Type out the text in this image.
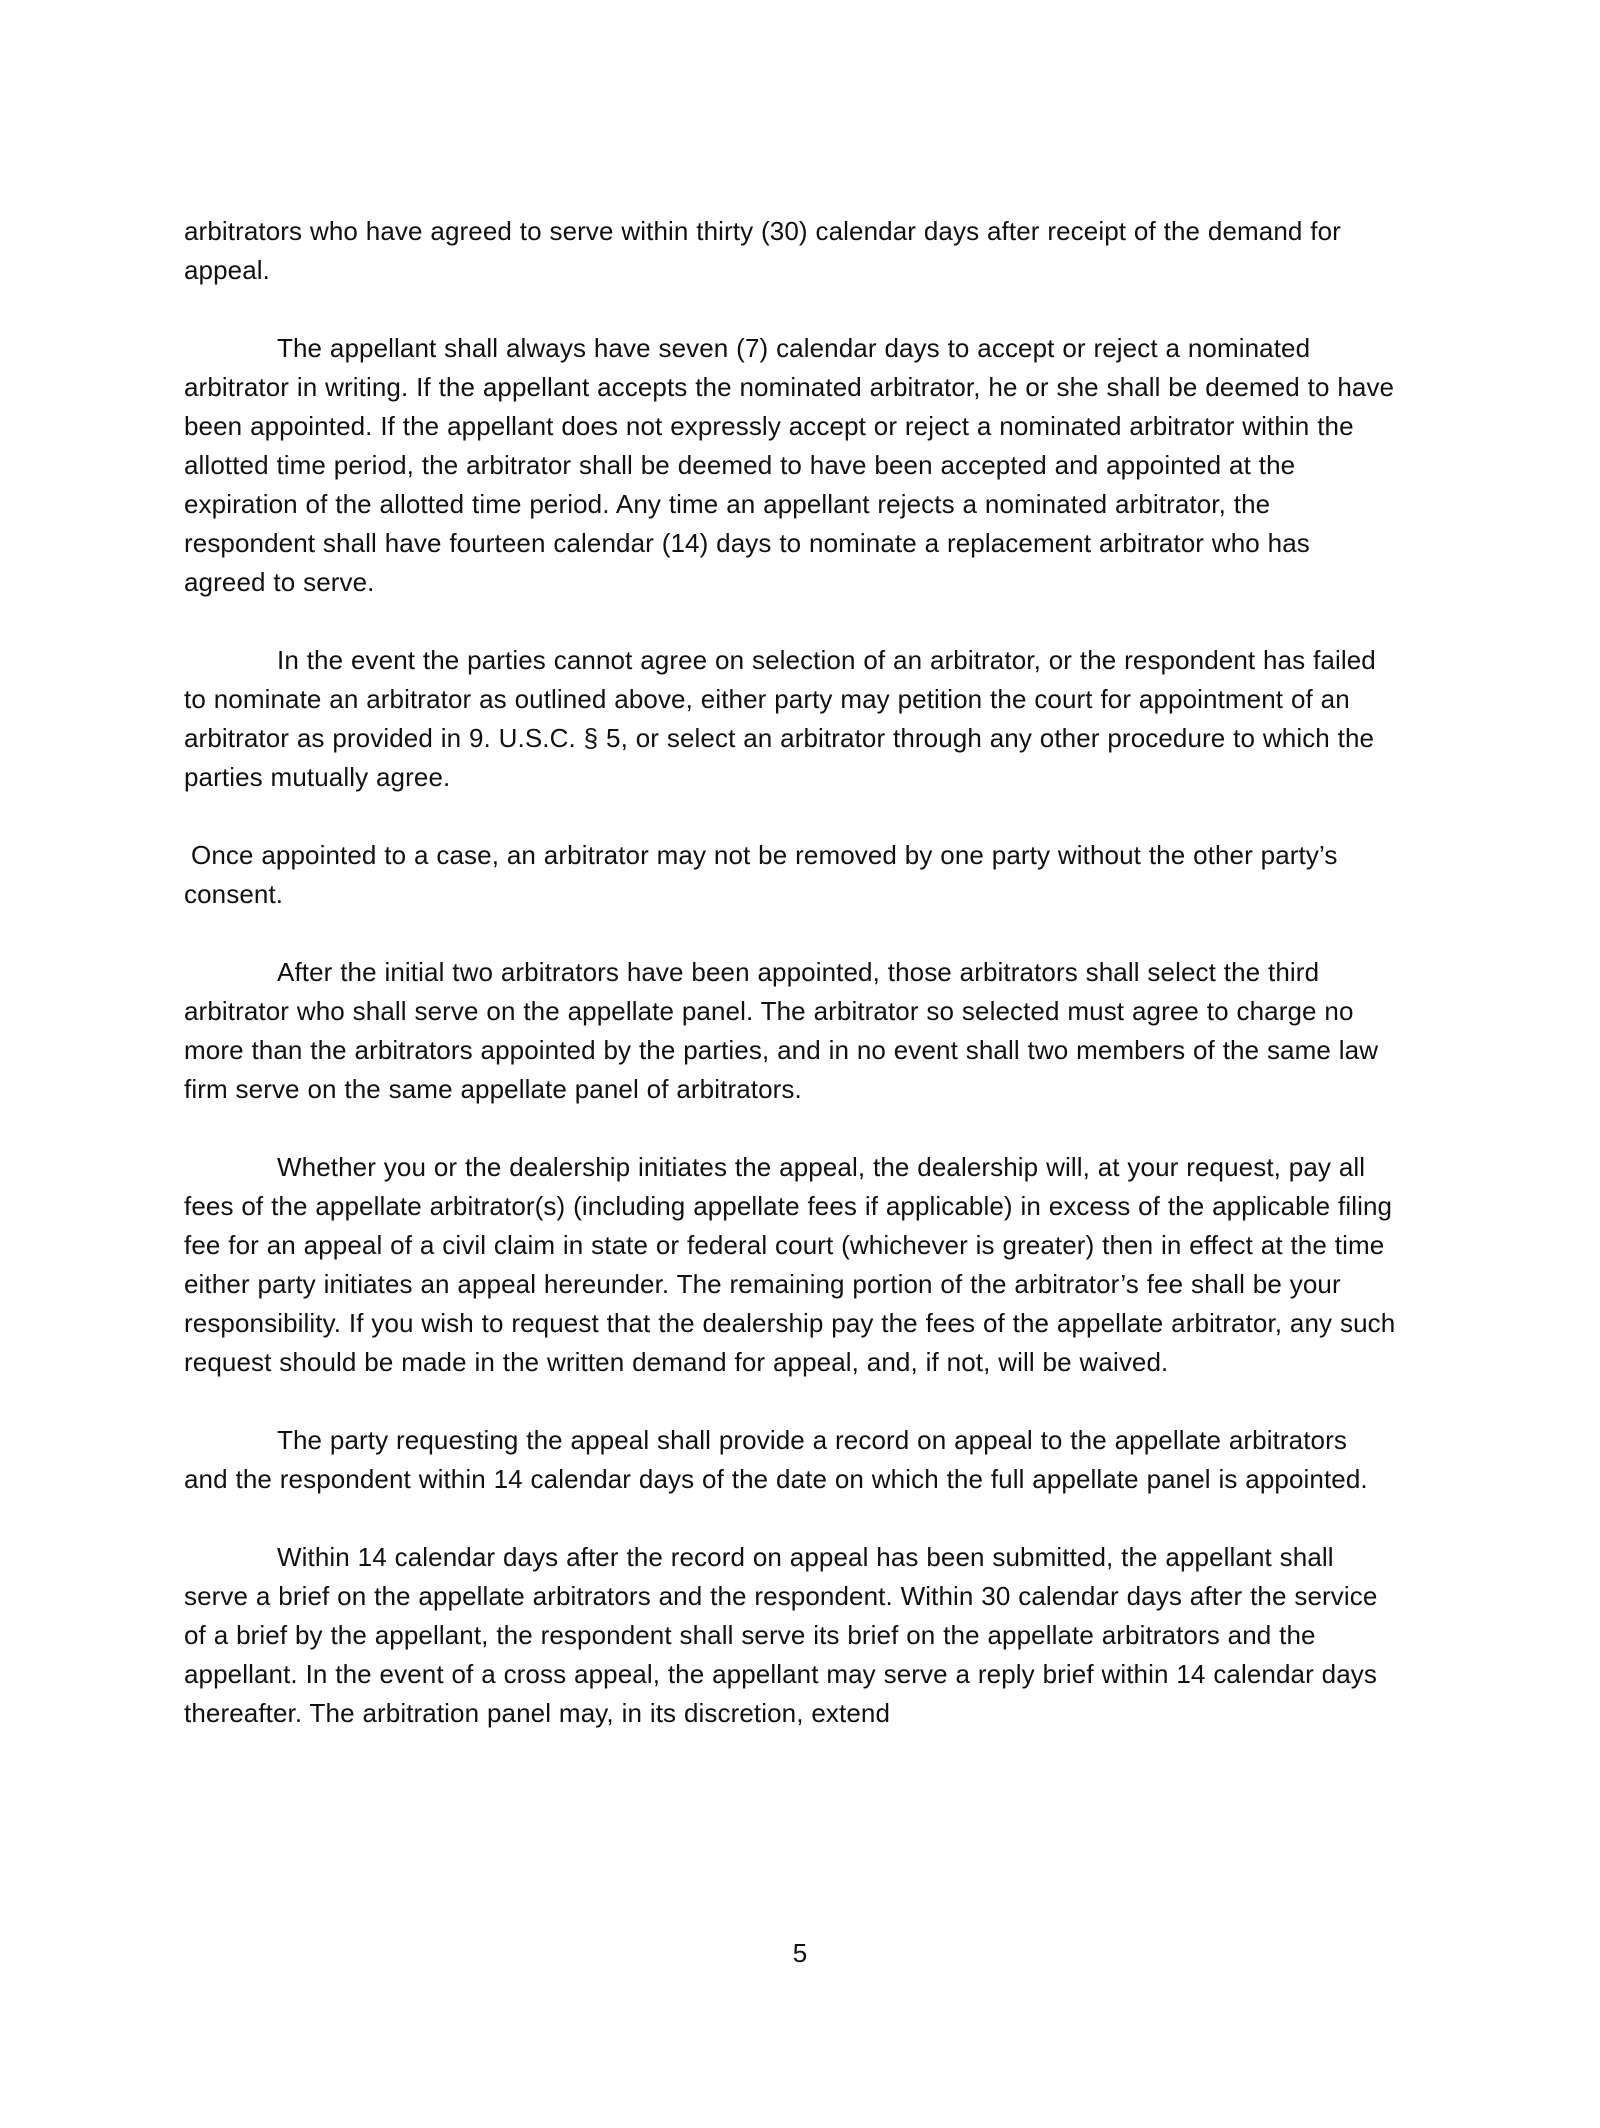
arbitrators who have agreed to serve within thirty (30) calendar days after receipt of the demand for appeal.

The appellant shall always have seven (7) calendar days to accept or reject a nominated arbitrator in writing. If the appellant accepts the nominated arbitrator, he or she shall be deemed to have been appointed. If the appellant does not expressly accept or reject a nominated arbitrator within the allotted time period, the arbitrator shall be deemed to have been accepted and appointed at the expiration of the allotted time period. Any time an appellant rejects a nominated arbitrator, the respondent shall have fourteen calendar (14) days to nominate a replacement arbitrator who has agreed to serve.

In the event the parties cannot agree on selection of an arbitrator, or the respondent has failed to nominate an arbitrator as outlined above, either party may petition the court for appointment of an arbitrator as provided in 9. U.S.C. § 5, or select an arbitrator through any other procedure to which the parties mutually agree.

Once appointed to a case, an arbitrator may not be removed by one party without the other party’s consent.

After the initial two arbitrators have been appointed, those arbitrators shall select the third arbitrator who shall serve on the appellate panel. The arbitrator so selected must agree to charge no more than the arbitrators appointed by the parties, and in no event shall two members of the same law firm serve on the same appellate panel of arbitrators.

Whether you or the dealership initiates the appeal, the dealership will, at your request, pay all fees of the appellate arbitrator(s) (including appellate fees if applicable) in excess of the applicable filing fee for an appeal of a civil claim in state or federal court (whichever is greater) then in effect at the time either party initiates an appeal hereunder. The remaining portion of the arbitrator’s fee shall be your responsibility. If you wish to request that the dealership pay the fees of the appellate arbitrator, any such request should be made in the written demand for appeal, and, if not, will be waived.

The party requesting the appeal shall provide a record on appeal to the appellate arbitrators and the respondent within 14 calendar days of the date on which the full appellate panel is appointed.

Within 14 calendar days after the record on appeal has been submitted, the appellant shall serve a brief on the appellate arbitrators and the respondent. Within 30 calendar days after the service of a brief by the appellant, the respondent shall serve its brief on the appellate arbitrators and the appellant. In the event of a cross appeal, the appellant may serve a reply brief within 14 calendar days thereafter. The arbitration panel may, in its discretion, extend

5
